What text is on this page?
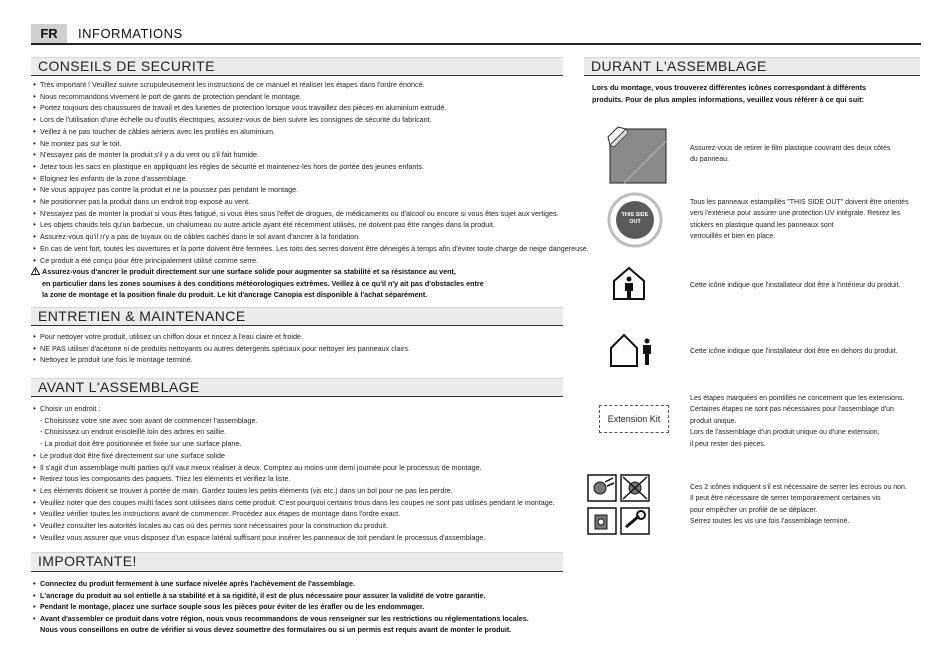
FR	INFORMATIONS
CONSEILS DE SECURITE
• Très important ! Veuillez suivre scrupuleusement les instructions de ce manuel et réaliser les étapes dans l'ordre énoncé.
• Nous recommandons vivement le port de gants de protection pendant le montage.
• Portez toujours des chaussures de travail et des lunettes de protection lorsque vous travaillez des pièces en aluminium extrudé.
• Lors de l'utilisation d'une échelle ou d'outils électriques, assurez-vous de bien suivre les consignes de sécurité du fabricant.
• Veillez à ne pas toucher de câbles aériens avec les profilés en aluminium.
• Ne montez pas sur le toit.
• N'essayez pas de monter la produit s'il y a du vent ou s'il fait humide.
• Jetez tous les sacs en plastique en appliquant les règles de sécurité et maintenez-les hors de portée des jeunes enfants.
• Eloignez les enfants de la zone d'assemblage.
• Ne vous appuyez pas contre la produit et ne la poussez pas pendant le montage.
• Ne positionner pas la produit dans un endroit trop exposé au vent.
• N'essayez pas de monter la produit si vous êtes fatigué, si vous êtes sous l'effet de drogues, de médicaments ou d'alcool ou encore si vous êtes sujet aux vertiges.
• Les objets chauds tels qu'un barbecue, un chalumeau ou autre article ayant été récemment utilisés, ne doivent pas être rangés dans la produit.
• Assurez-vous qu'il n'y a pas de tuyaux ou de câbles cachés dans le sol avant d'ancrer à la fondation.
• En cas de vent fort, toutes les ouvertures et la porte doivent être fermées. Les toits des serres doivent être déneigés à temps afin d'éviter toute charge de neige dangereuse.
• Ce produit a été conçu pour être principalement utilisé comme serre.
Assurez-vous d'ancrer le produit directement sur une surface solide pour augmenter sa stabilité et sa résistance au vent,
en particulier dans les zones soumises à des conditions météorologiques extrêmes. Veillez à ce qu'il n'y ait pas d'obstacles entre
la zone de montage et la position finale du produit. Le kit d'ancrage Canopia est disponible à l'achat séparément.
ENTRETIEN & MAINTENANCE
• Pour nettoyer votre produit, utilisez un chiffon doux et rincez à l'eau claire et froide.
• NE PAS utiliser d'acétone ni de produits nettoyants ou autres détergents spéciaux pour nettoyer les panneaux clairs.
• Nettoyez le produit une fois le montage terminé.
AVANT L'ASSEMBLAGE
• Choisir un endroit :
- Choisissez votre site avec soin avant de commencer l'assemblage.
- Choisissez un endroit ensoleillé loin des arbres en saillie.
- La produit doit être positionnée et fixée sur une surface plane.
• Le produit doit être fixé directement sur une surface solide
• Il s'agit d'un assemblage multi parties qu'il vaut mieux réaliser à deux. Comptez au moins une demi journée pour le processus de montage.
• Retirez tous les composants des paquets. Triez les éléments et vérifiez la liste.
• Les éléments doivent se trouver à portée de main. Gardez toutes les petits éléments (vis etc.) dans un bol pour ne pas les perdre.
• Veuillez noter que des coupes multi faces sont utilisées dans cette produit. C'est pourquoi certains trous dans les coupes ne sont pas utilisés pendant le montage.
• Veuillez vérifier toutes les instructions avant de commencer. Procédez aux étapes de montage dans l'ordre exact.
• Veuillez consulter les autorités locales au cas où des permis sont nécessaires pour la construction du produit.
• Veuillez vous assurer que vous disposez d'un espace latéral suffisant pour insérer les panneaux de toit pendant le processus d'assemblage.
IMPORTANTE!
• Connectez du produit fermement à une surface nivelée après l'achèvement de l'assemblage.
• L'ancrage du produit au sol entielle à sa stabilité et à sa rigidité, il est de plus nécessaire pour assurer la validité de votre garantie.
• Pendant le montage, placez une surface souple sous les pièces pour éviter de les érafler ou de les endommager.
• Avant d'assembler ce produit dans votre région, nous vous recommandons de vous renseigner sur les restrictions ou réglementations locales.
Nous vous conseillons en outre de vérifier si vous devez soumettre des formulaires ou si un permis est requis avant de monter le produit.
DURANT L'ASSEMBLAGE
Lors du montage, vous trouverez différentes icônes correspondant à différents
produits. Pour de plus amples informations, veuillez vous référer à ce qui suit:
Assurez-vous de retirer le film plastique couvrant des deux côtés
du panneau.
THIS SIDE
OUT
Tous les panneaux estampillés "THIS SIDE OUT" doivent être orientés
vers l'extérieur pour assurer une protection UV intégrale. Retirez les
stickers en plastique quand les panneaux sont
verrouillés et bien en place.
Cette icône indique que l'installateur doit être à l'intérieur du produit.
Cette icône indique que l'installateur doit être en dehors du produit.
Extension Kit
Les étapes marquées en pointillés ne concernent que les extensions.
Certaines étapes ne sont pas nécessaires pour l'assemblage d'un
produit unique.
Lors de l'assemblage d'un produit unique ou d'une extension,
il peut rester des pièces.
Ces 2 icônes indiquent s'il est nécessaire de serrer les écrous ou non.
Il peut être nécessaire de serrer temporairement certaines vis
pour empêcher un profilé de se déplacer.
Serrez toutes les vis une fois l'assemblage terminé.
